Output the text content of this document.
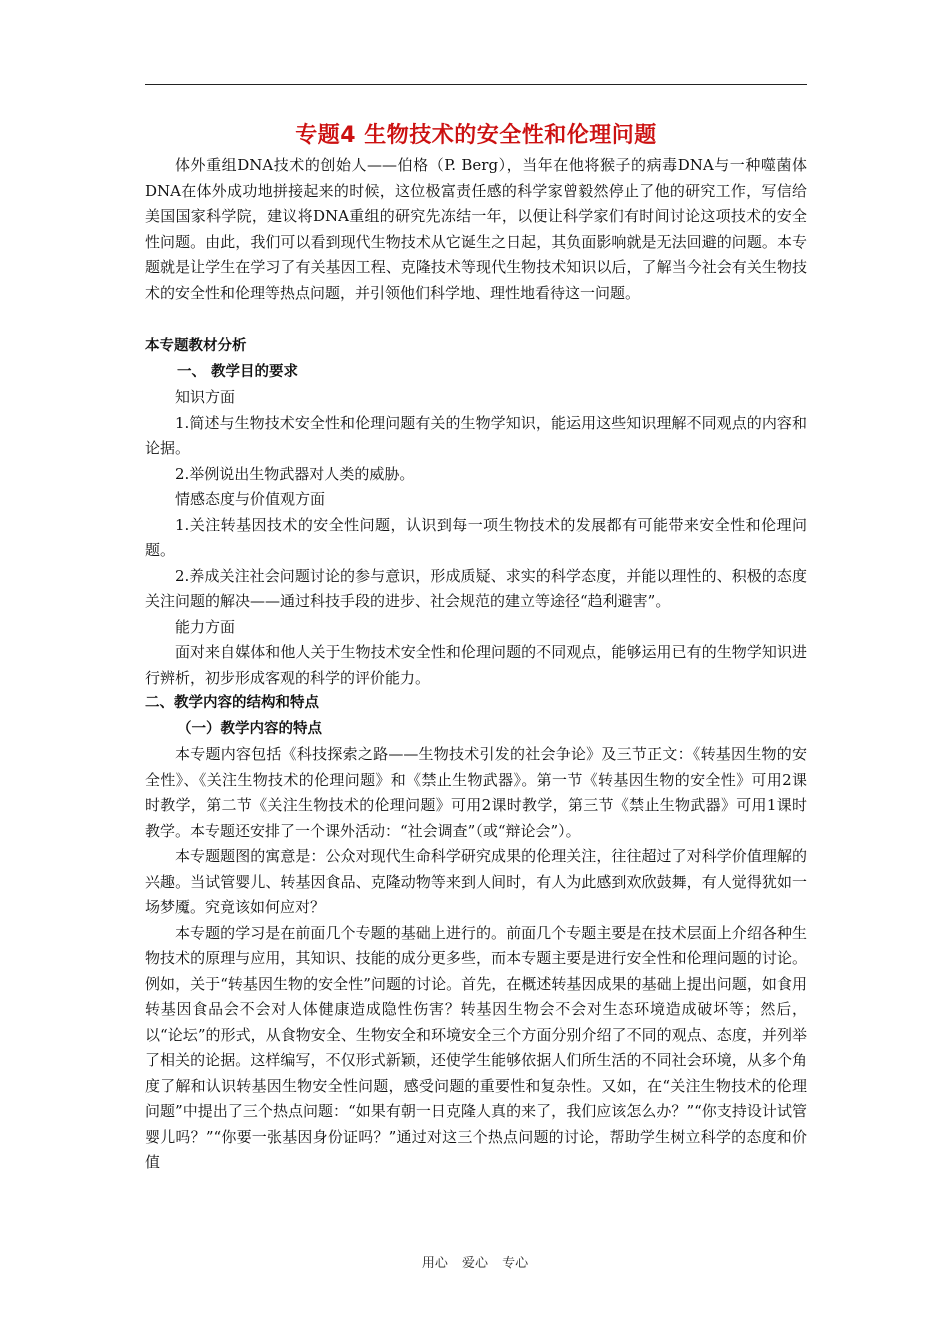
专题4 生物技术的安全性和伦理问题

体外重组DNA技术的创始人——伯格（P. Berg），当年在他将猴子的病毒DNA与一种噬菌体DNA在体外成功地拼接起来的时候，这位极富责任感的科学家曾毅然停止了他的研究工作，写信给美国国家科学院，建议将DNA重组的研究先冻结一年，以便让科学家们有时间讨论这项技术的安全性问题。由此，我们可以看到现代生物技术从它诞生之日起，其负面影响就是无法回避的问题。本专题就是让学生在学习了有关基因工程、克隆技术等现代生物技术知识以后，了解当今社会有关生物技术的安全性和伦理等热点问题，并引领他们科学地、理性地看待这一问题。

本专题教材分析

一、 教学目的要求

知识方面

1.简述与生物技术安全性和伦理问题有关的生物学知识，能运用这些知识理解不同观点的内容和论据。

2.举例说出生物武器对人类的威胁。

情感态度与价值观方面

1.关注转基因技术的安全性问题，认识到每一项生物技术的发展都有可能带来安全性和伦理问题。

2.养成关注社会问题讨论的参与意识，形成质疑、求实的科学态度，并能以理性的、积极的态度关注问题的解决——通过科技手段的进步、社会规范的建立等途径“趋利避害”。

能力方面

面对来自媒体和他人关于生物技术安全性和伦理问题的不同观点，能够运用已有的生物学知识进行辨析，初步形成客观的科学的评价能力。

二、教学内容的结构和特点

（一）教学内容的特点

本专题内容包括《科技探索之路——生物技术引发的社会争论》及三节正文：《转基因生物的安全性》、《关注生物技术的伦理问题》和《禁止生物武器》。第一节《转基因生物的安全性》可用2课时教学，第二节《关注生物技术的伦理问题》可用2课时教学，第三节《禁止生物武器》可用1课时教学。本专题还安排了一个课外活动：“社会调查”（或“辩论会”）。

本专题题图的寓意是：公众对现代生命科学研究成果的伦理关注，往往超过了对科学价值理解的兴趣。当试管婴儿、转基因食品、克隆动物等来到人间时，有人为此感到欢欣鼓舞，有人觉得犹如一场梦魇。究竟该如何应对？

本专题的学习是在前面几个专题的基础上进行的。前面几个专题主要是在技术层面上介绍各种生物技术的原理与应用，其知识、技能的成分更多些，而本专题主要是进行安全性和伦理问题的讨论。例如，关于“转基因生物的安全性”问题的讨论。首先，在概述转基因成果的基础上提出问题，如食用转基因食品会不会对人体健康造成隐性伤害？转基因生物会不会对生态环境造成破坏等；然后，以“论坛”的形式，从食物安全、生物安全和环境安全三个方面分别介绍了不同的观点、态度，并列举了相关的论据。这样编写，不仅形式新颖，还使学生能够依据人们所生活的不同社会环境，从多个角度了解和认识转基因生物安全性问题，感受问题的重要性和复杂性。又如，在“关注生物技术的伦理问题”中提出了三个热点问题：“如果有朝一日克隆人真的来了，我们应该怎么办？”“你支持设计试管婴儿吗？”“你要一张基因身份证吗？”通过对这三个热点问题的讨论，帮助学生树立科学的态度和价值

用心 爱心 专心
